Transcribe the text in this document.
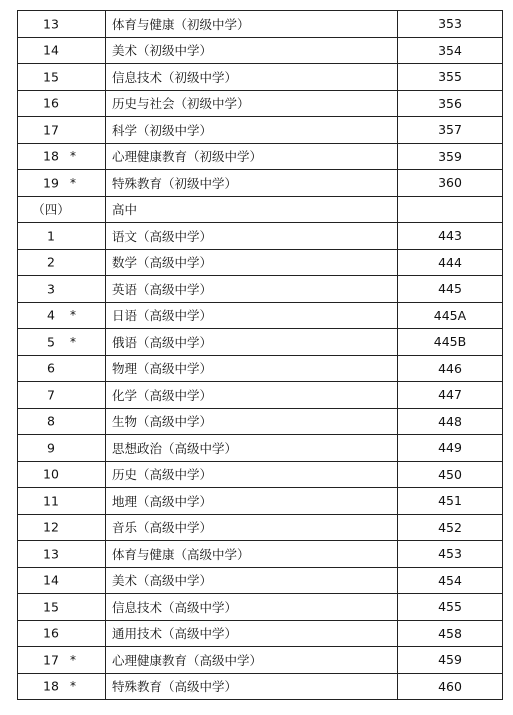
13	体育与健康（初级中学）	353

14	美术（初级中学）	354

15	信息技术（初级中学）	355

16	历史与社会（初级中学）	356

17	科学（初级中学）	357

18 *	心理健康教育（初级中学）	359

19 *	特殊教育（初级中学）	360

（四）	高中	

1	语文（高级中学）	443

2	数学（高级中学）	444

3	英语（高级中学）	445

4 *	日语（高级中学）	445A

5 *	俄语（高级中学）	445B

6	物理（高级中学）	446

7	化学（高级中学）	447

8	生物（高级中学）	448

9	思想政治（高级中学）	449

10	历史（高级中学）	450

11	地理（高级中学）	451

12	音乐（高级中学）	452

13	体育与健康（高级中学）	453

14	美术（高级中学）	454

15	信息技术（高级中学）	455

16	通用技术（高级中学）	458

17 *	心理健康教育（高级中学）	459

18 *	特殊教育（高级中学）	460
